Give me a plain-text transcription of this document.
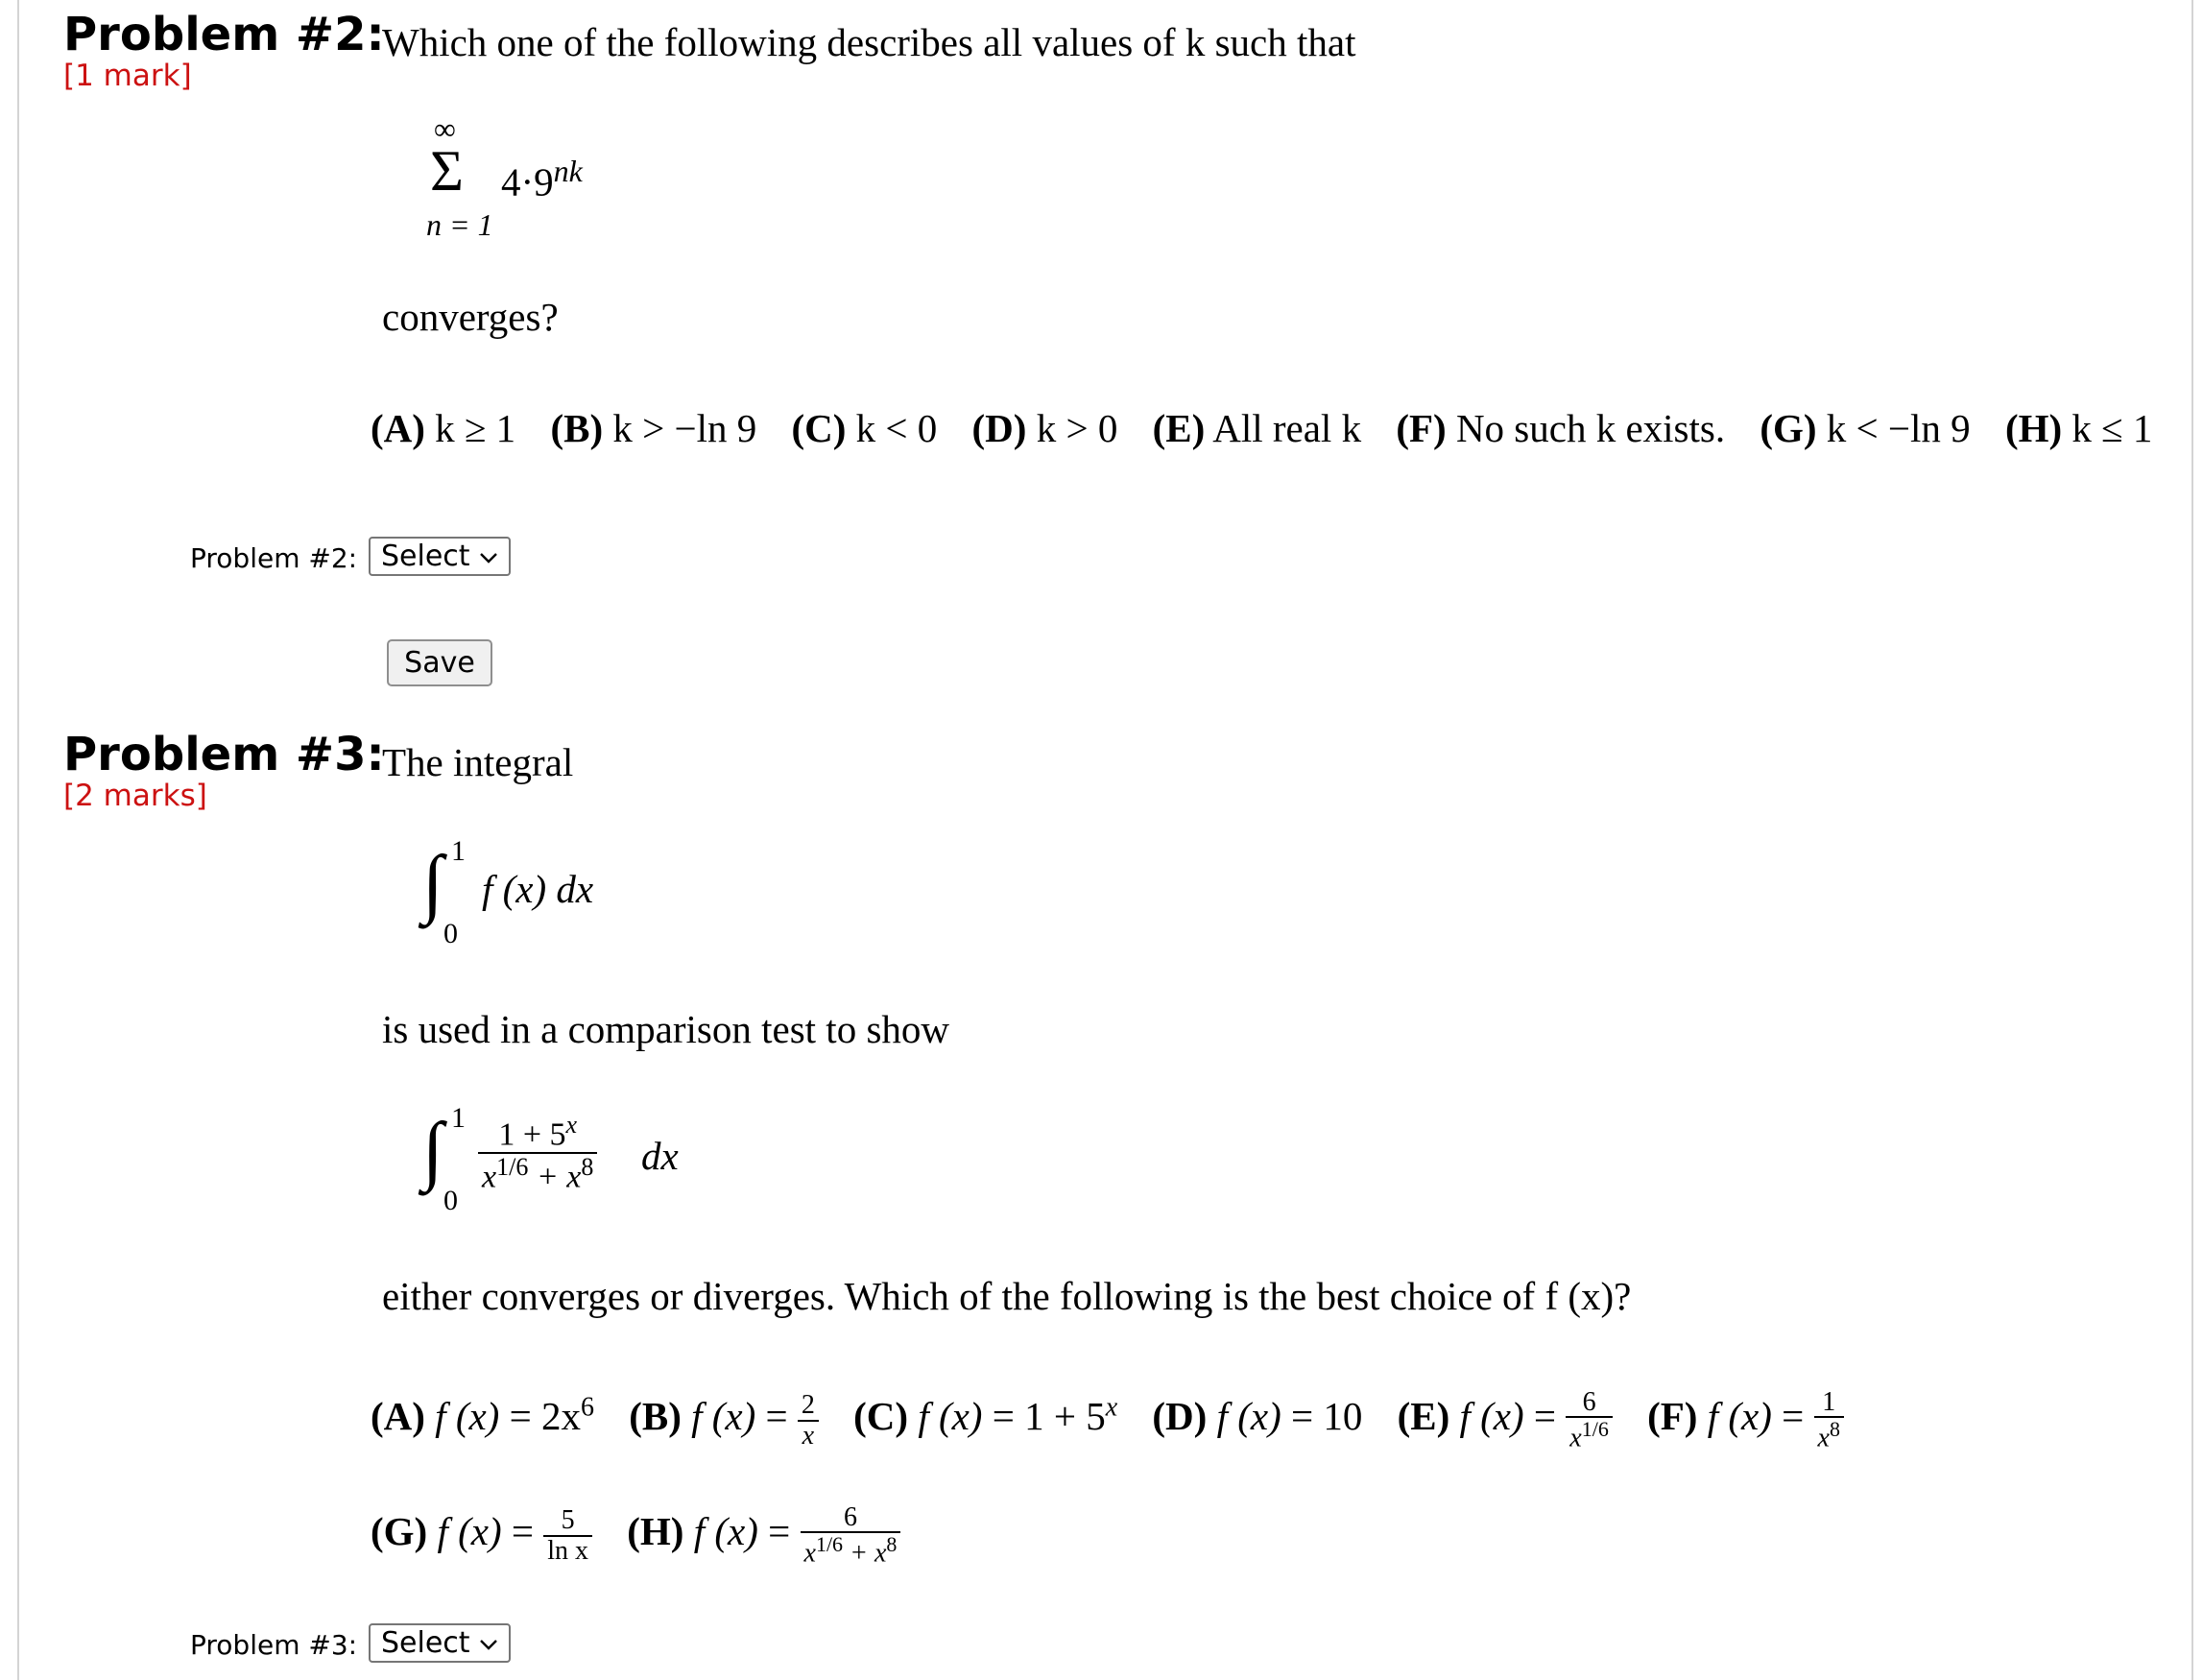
Problem #2:
[1 mark]
Which one of the following describes all values of k such that
∞
Σ
n = 1
$4\cdot 9^{nk}$
converges?
(A) k ≥ 1 (B) k > −ln 9 (C) k < 0 (D) k > 0 (E) All real k (F) No such k exists. (G) k < −ln 9 (H) k ≤ 1
Problem #2: Select
Save
Problem #3:
[2 marks]
The integral
∫ 1
0
f (x) dx
is used in a comparison test to show
∫ 1
0
$\frac{1 + 5^x}{x^{1/6} + x^8}$ dx
either converges or diverges. Which of the following is the best choice of f (x)?
(A) f $(x) = 2x^6$ (B) f $(x) = \frac{2}{x} (C)$ f $(x) = 1 + 5^x$ (D) f (x) = 10 (E) f $(x) = \frac{6}{x^{1/6}} (F)$ f $(x) = \frac{1}{x^8}$
(G) f $(x) = \frac{5}{\text{ln x}} (H)$ f $(x) = \frac{6}{x^{1/6} + x^8}$
Problem #3: Select
